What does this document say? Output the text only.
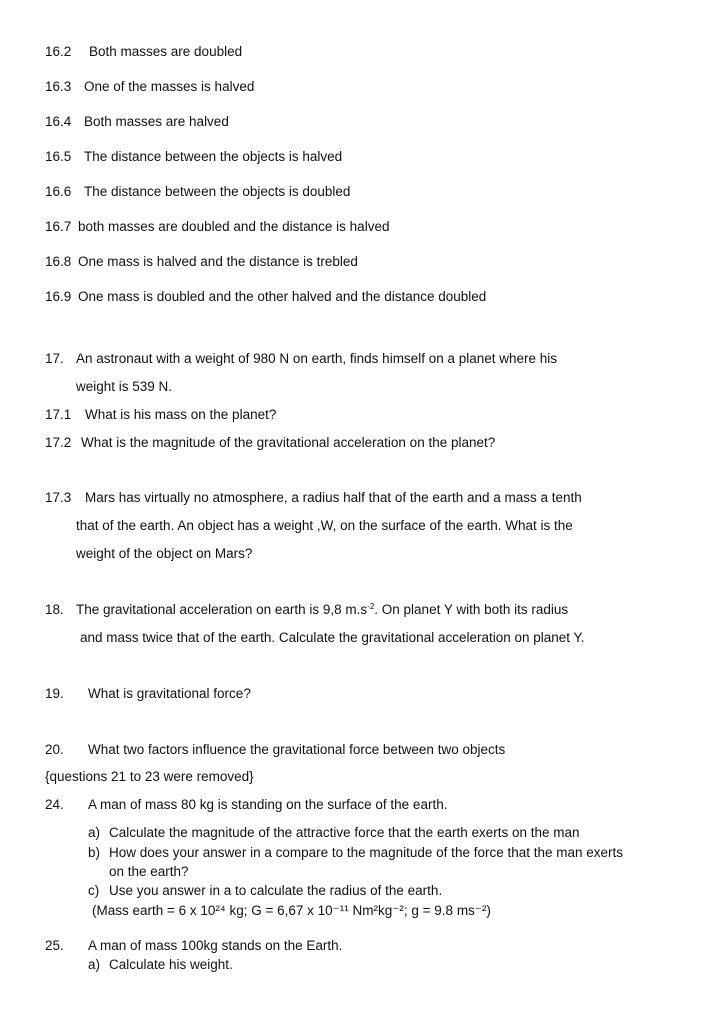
16.2 Both masses are doubled
16.3 One of the masses is halved
16.4 Both masses are halved
16.5 The distance between the objects is halved
16.6 The distance between the objects is doubled
16.7 both masses are doubled and the distance is halved
16.8 One mass is halved and the distance is trebled
16.9 One mass is doubled and the other halved and the distance doubled
17. An astronaut with a weight of 980 N on earth, finds himself on a planet where his
weight is 539 N.
17.1 What is his mass on the planet?
17.2 What is the magnitude of the gravitational acceleration on the planet?
17.3 Mars has virtually no atmosphere, a radius half that of the earth and a mass a tenth
that of the earth. An object has a weight ,W, on the surface of the earth. What is the
weight of the object on Mars?
18. The gravitational acceleration on earth is 9,8 $m.s^{-2}$. On planet Y with both its radius
and mass twice that of the earth. Calculate the gravitational acceleration on planet Y.
19. What is gravitational force?
20. What two factors influence the gravitational force between two objects
{questions 21 to 23 were removed}
24. A man of mass 80 kg is standing on the surface of the earth.
a) Calculate the magnitude of the attractive force that the earth exerts on the man
b) How does your answer in a compare to the magnitude of the force that the man exerts
on the earth?
c) Use you answer in a to calculate the radius of the earth.
(Mass earth = 6 x 10²⁴ kg; G = 6,67 x 10⁻¹¹ Nm²kg⁻²; g = 9.8 ms⁻²)
25. A man of mass 100kg stands on the Earth.
a) Calculate his weight.
